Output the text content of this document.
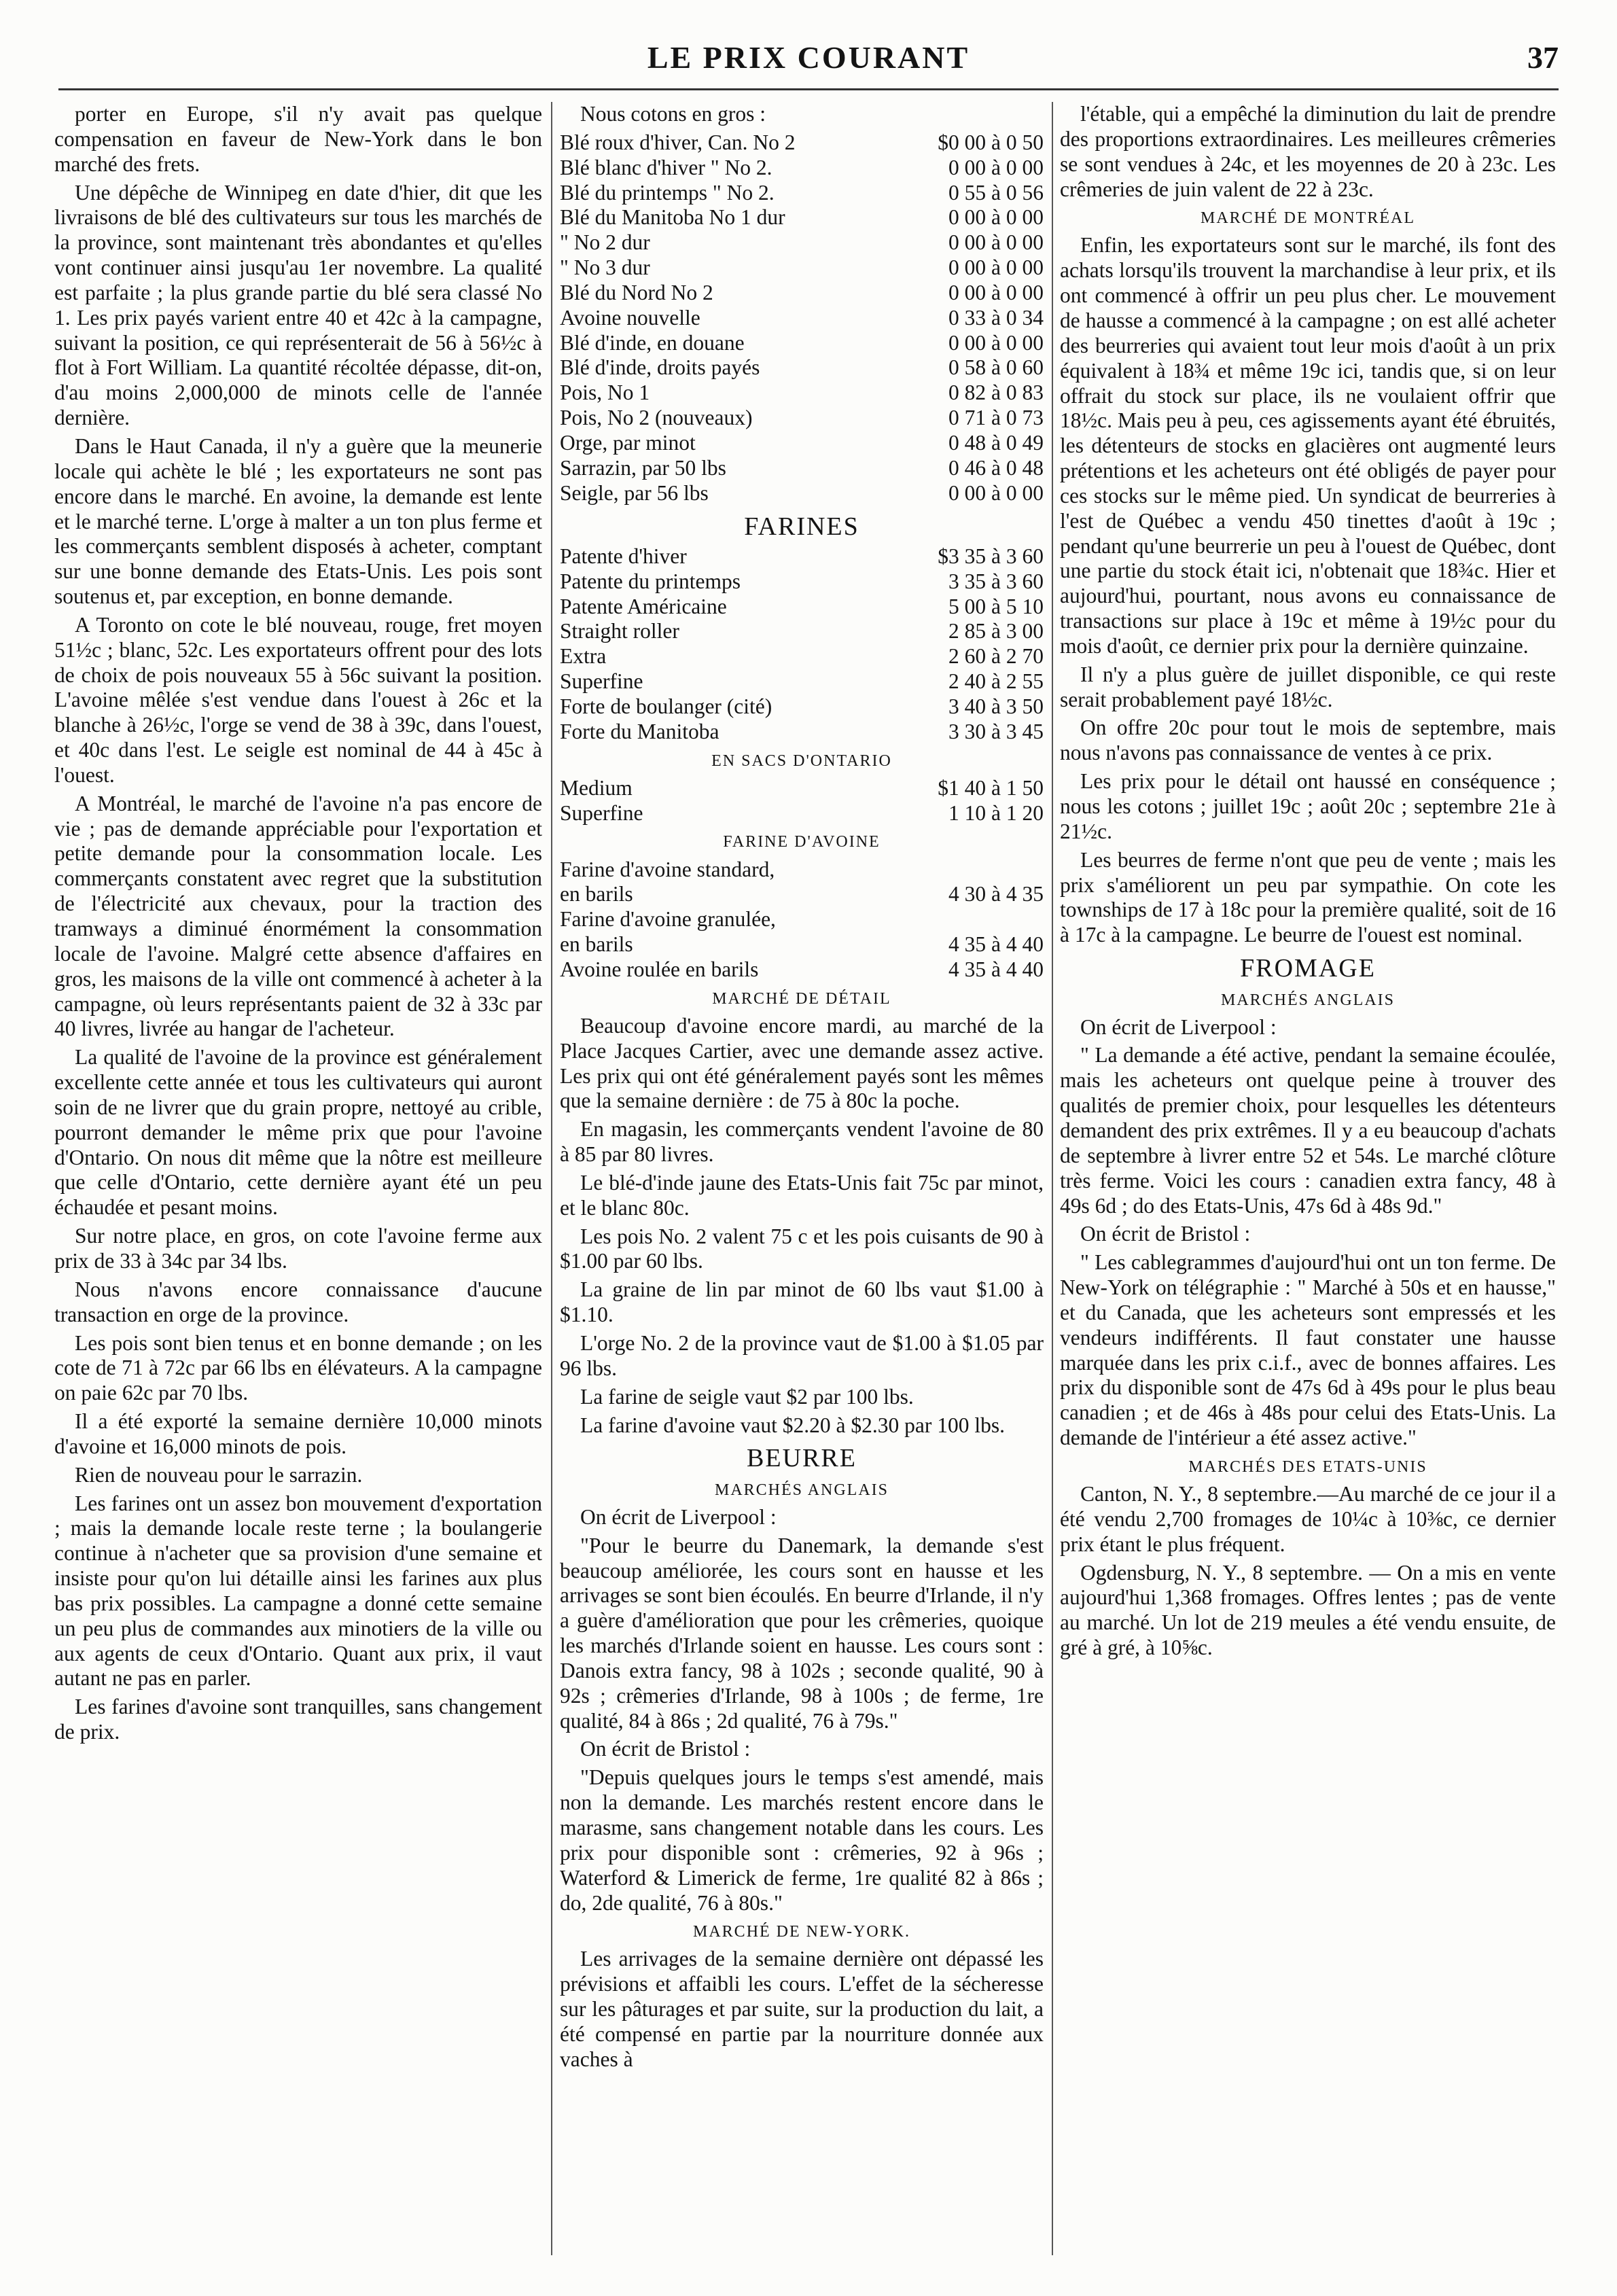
LE PRIX COURANT	37

porter en Europe, s'il n'y avait pas quelque compensation en faveur de New-York dans le bon marché des frets.

Une dépêche de Winnipeg en date d'hier, dit que les livraisons de blé des cultivateurs sur tous les marchés de la province, sont maintenant très abondantes et qu'elles vont continuer ainsi jusqu'au 1er novembre. La qualité est parfaite ; la plus grande partie du blé sera classé No 1. Les prix payés varient entre 40 et 42c à la campagne, suivant la position, ce qui représenterait de 56 à 56½c à flot à Fort William. La quantité récoltée dépasse, dit-on, d'au moins 2,000,000 de minots celle de l'année dernière.

Dans le Haut Canada, il n'y a guère que la meunerie locale qui achète le blé ; les exportateurs ne sont pas encore dans le marché. En avoine, la demande est lente et le marché terne. L'orge à malter a un ton plus ferme et les commerçants semblent disposés à acheter, comptant sur une bonne demande des Etats-Unis. Les pois sont soutenus et, par exception, en bonne demande.

A Toronto on cote le blé nouveau, rouge, fret moyen 51½c ; blanc, 52c. Les exportateurs offrent pour des lots de choix de pois nouveaux 55 à 56c suivant la position. L'avoine mêlée s'est vendue dans l'ouest à 26c et la blanche à 26½c, l'orge se vend de 38 à 39c, dans l'ouest, et 40c dans l'est. Le seigle est nominal de 44 à 45c à l'ouest.

A Montréal, le marché de l'avoine n'a pas encore de vie ; pas de demande appréciable pour l'exportation et petite demande pour la consommation locale. Les commerçants constatent avec regret que la substitution de l'électricité aux chevaux, pour la traction des tramways a diminué énormément la consommation locale de l'avoine. Malgré cette absence d'affaires en gros, les maisons de la ville ont commencé à acheter à la campagne, où leurs représentants paient de 32 à 33c par 40 livres, livrée au hangar de l'acheteur.

La qualité de l'avoine de la province est généralement excellente cette année et tous les cultivateurs qui auront soin de ne livrer que du grain propre, nettoyé au crible, pourront demander le même prix que pour l'avoine d'Ontario. On nous dit même que la nôtre est meilleure que celle d'Ontario, cette dernière ayant été un peu échaudée et pesant moins.

Sur notre place, en gros, on cote l'avoine ferme aux prix de 33 à 34c par 34 lbs.

Nous n'avons encore connaissance d'aucune transaction en orge de la province.

Les pois sont bien tenus et en bonne demande ; on les cote de 71 à 72c par 66 lbs en élévateurs. A la campagne on paie 62c par 70 lbs.

Il a été exporté la semaine dernière 10,000 minots d'avoine et 16,000 minots de pois.

Rien de nouveau pour le sarrazin.

Les farines ont un assez bon mouvement d'exportation ; mais la demande locale reste terne ; la boulangerie continue à n'acheter que sa provision d'une semaine et insiste pour qu'on lui détaille ainsi les farines aux plus bas prix possibles. La campagne a donné cette semaine un peu plus de commandes aux minotiers de la ville ou aux agents de ceux d'Ontario. Quant aux prix, il vaut autant ne pas en parler.

Les farines d'avoine sont tranquilles, sans changement de prix.

Nous cotons en gros :

Blé roux d'hiver, Can. No 2	$0 00 à 0 50
Blé blanc d'hiver " No 2.	0 00 à 0 00
Blé du printemps " No 2.	0 55 à 0 56
Blé du Manitoba No 1 dur	0 00 à 0 00
" No 2 dur	0 00 à 0 00
" No 3 dur	0 00 à 0 00
Blé du Nord No 2	0 00 à 0 00
Avoine nouvelle	0 33 à 0 34
Blé d'inde, en douane	0 00 à 0 00
Blé d'inde, droits payés	0 58 à 0 60
Pois, No 1	0 82 à 0 83
Pois, No 2 (nouveaux)	0 71 à 0 73
Orge, par minot	0 48 à 0 49
Sarrazin, par 50 lbs	0 46 à 0 48
Seigle, par 56 lbs	0 00 à 0 00
FARINES
Patente d'hiver	$3 35 à 3 60
Patente du printemps	3 35 à 3 60
Patente Américaine	5 00 à 5 10
Straight roller	2 85 à 3 00
Extra	2 60 à 2 70
Superfine	2 40 à 2 55
Forte de boulanger (cité)	3 40 à 3 50
Forte du Manitoba	3 30 à 3 45
EN SACS D'ONTARIO
Medium	$1 40 à 1 50
Superfine	1 10 à 1 20
FARINE D'AVOINE
Farine d'avoine standard,	
en barils	4 30 à 4 35
Farine d'avoine granulée,	
en barils	4 35 à 4 40
Avoine roulée en barils	4 35 à 4 40
MARCHÉ DE DÉTAIL

Beaucoup d'avoine encore mardi, au marché de la Place Jacques Cartier, avec une demande assez active. Les prix qui ont été généralement payés sont les mêmes que la semaine dernière : de 75 à 80c la poche.

En magasin, les commerçants vendent l'avoine de 80 à 85 par 80 livres.

Le blé-d'inde jaune des Etats-Unis fait 75c par minot, et le blanc 80c.

Les pois No. 2 valent 75 c et les pois cuisants de 90 à $1.00 par 60 lbs.

La graine de lin par minot de 60 lbs vaut $1.00 à $1.10.

L'orge No. 2 de la province vaut de $1.00 à $1.05 par 96 lbs.

La farine de seigle vaut $2 par 100 lbs.

La farine d'avoine vaut $2.20 à $2.30 par 100 lbs.

BEURRE
MARCHÉS ANGLAIS

On écrit de Liverpool :

"Pour le beurre du Danemark, la demande s'est beaucoup améliorée, les cours sont en hausse et les arrivages se sont bien écoulés. En beurre d'Irlande, il n'y a guère d'amélioration que pour les crêmeries, quoique les marchés d'Irlande soient en hausse. Les cours sont : Danois extra fancy, 98 à 102s ; seconde qualité, 90 à 92s ; crêmeries d'Irlande, 98 à 100s ; de ferme, 1re qualité, 84 à 86s ; 2d qualité, 76 à 79s."

On écrit de Bristol :

"Depuis quelques jours le temps s'est amendé, mais non la demande. Les marchés restent encore dans le marasme, sans changement notable dans les cours. Les prix pour disponible sont : crêmeries, 92 à 96s ; Waterford & Limerick de ferme, 1re qualité 82 à 86s ; do, 2de qualité, 76 à 80s."

MARCHÉ DE NEW-YORK.

Les arrivages de la semaine dernière ont dépassé les prévisions et affaibli les cours. L'effet de la sécheresse sur les pâturages et par suite, sur la production du lait, a été compensé en partie par la nourriture donnée aux vaches à

l'étable, qui a empêché la diminution du lait de prendre des proportions extraordinaires. Les meilleures crêmeries se sont vendues à 24c, et les moyennes de 20 à 23c. Les crêmeries de juin valent de 22 à 23c.

MARCHÉ DE MONTRÉAL

Enfin, les exportateurs sont sur le marché, ils font des achats lorsqu'ils trouvent la marchandise à leur prix, et ils ont commencé à offrir un peu plus cher. Le mouvement de hausse a commencé à la campagne ; on est allé acheter des beurreries qui avaient tout leur mois d'août à un prix équivalent à 18¾ et même 19c ici, tandis que, si on leur offrait du stock sur place, ils ne voulaient offrir que 18½c. Mais peu à peu, ces agissements ayant été ébruités, les détenteurs de stocks en glacières ont augmenté leurs prétentions et les acheteurs ont été obligés de payer pour ces stocks sur le même pied. Un syndicat de beurreries à l'est de Québec a vendu 450 tinettes d'août à 19c ; pendant qu'une beurrerie un peu à l'ouest de Québec, dont une partie du stock était ici, n'obtenait que 18¾c. Hier et aujourd'hui, pourtant, nous avons eu connaissance de transactions sur place à 19c et même à 19½c pour du mois d'août, ce dernier prix pour la dernière quinzaine.

Il n'y a plus guère de juillet disponible, ce qui reste serait probablement payé 18½c.

On offre 20c pour tout le mois de septembre, mais nous n'avons pas connaissance de ventes à ce prix.

Les prix pour le détail ont haussé en conséquence ; nous les cotons ; juillet 19c ; août 20c ; septembre 21e à 21½c.

Les beurres de ferme n'ont que peu de vente ; mais les prix s'améliorent un peu par sympathie. On cote les townships de 17 à 18c pour la première qualité, soit de 16 à 17c à la campagne. Le beurre de l'ouest est nominal.

FROMAGE
MARCHÉS ANGLAIS

On écrit de Liverpool :

" La demande a été active, pendant la semaine écoulée, mais les acheteurs ont quelque peine à trouver des qualités de premier choix, pour lesquelles les détenteurs demandent des prix extrêmes. Il y a eu beaucoup d'achats de septembre à livrer entre 52 et 54s. Le marché clôture très ferme. Voici les cours : canadien extra fancy, 48 à 49s 6d ; do des Etats-Unis, 47s 6d à 48s 9d."

On écrit de Bristol :

" Les cablegrammes d'aujourd'hui ont un ton ferme. De New-York on télégraphie : " Marché à 50s et en hausse," et du Canada, que les acheteurs sont empressés et les vendeurs indifférents. Il faut constater une hausse marquée dans les prix c.i.f., avec de bonnes affaires. Les prix du disponible sont de 47s 6d à 49s pour le plus beau canadien ; et de 46s à 48s pour celui des Etats-Unis. La demande de l'intérieur a été assez active."

MARCHÉS DES ETATS-UNIS

Canton, N. Y., 8 septembre.—Au marché de ce jour il a été vendu 2,700 fromages de 10¼c à 10⅜c, ce dernier prix étant le plus fréquent.

Ogdensburg, N. Y., 8 septembre. — On a mis en vente aujourd'hui 1,368 fromages. Offres lentes ; pas de vente au marché. Un lot de 219 meules a été vendu ensuite, de gré à gré, à 10⅝c.
